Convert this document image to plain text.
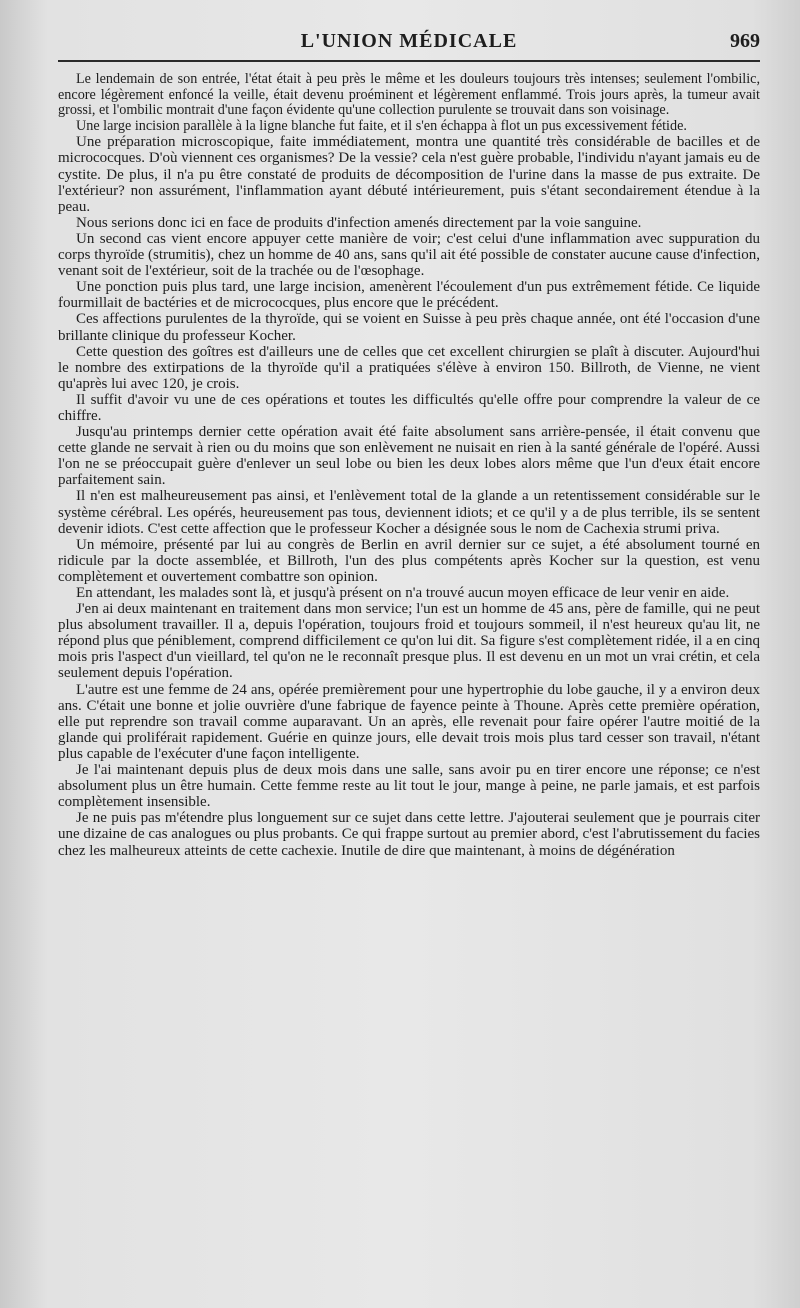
L'UNION MÉDICALE	969

Le lendemain de son entrée, l'état était à peu près le même et les douleurs toujours très intenses; seulement l'ombilic, encore légèrement enfoncé la veille, était devenu proéminent et légèrement enflammé. Trois jours après, la tumeur avait grossi, et l'ombilic montrait d'une façon évidente qu'une collection purulente se trouvait dans son voisinage.

Une large incision parallèle à la ligne blanche fut faite, et il s'en échappa à flot un pus excessivement fétide.

Une préparation microscopique, faite immédiatement, montra une quantité très considérable de bacilles et de micrococques. D'où viennent ces organismes? De la vessie? cela n'est guère probable, l'individu n'ayant jamais eu de cystite. De plus, il n'a pu être constaté de produits de décomposition de l'urine dans la masse de pus extraite. De l'extérieur? non assurément, l'inflammation ayant débuté intérieurement, puis s'étant secondairement étendue à la peau.

Nous serions donc ici en face de produits d'infection amenés directement par la voie sanguine.

Un second cas vient encore appuyer cette manière de voir; c'est celui d'une inflammation avec suppuration du corps thyroïde (strumitis), chez un homme de 40 ans, sans qu'il ait été possible de constater aucune cause d'infection, venant soit de l'extérieur, soit de la trachée ou de l'œsophage.

Une ponction puis plus tard, une large incision, amenèrent l'écoulement d'un pus extrêmement fétide. Ce liquide fourmillait de bactéries et de micrococques, plus encore que le précédent.

Ces affections purulentes de la thyroïde, qui se voient en Suisse à peu près chaque année, ont été l'occasion d'une brillante clinique du professeur Kocher.

Cette question des goîtres est d'ailleurs une de celles que cet excellent chirurgien se plaît à discuter. Aujourd'hui le nombre des extirpations de la thyroïde qu'il a pratiquées s'élève à environ 150. Billroth, de Vienne, ne vient qu'après lui avec 120, je crois.

Il suffit d'avoir vu une de ces opérations et toutes les difficultés qu'elle offre pour comprendre la valeur de ce chiffre.

Jusqu'au printemps dernier cette opération avait été faite absolument sans arrière-pensée, il était convenu que cette glande ne servait à rien ou du moins que son enlèvement ne nuisait en rien à la santé générale de l'opéré. Aussi l'on ne se préoccupait guère d'enlever un seul lobe ou bien les deux lobes alors même que l'un d'eux était encore parfaitement sain.

Il n'en est malheureusement pas ainsi, et l'enlèvement total de la glande a un retentissement considérable sur le système cérébral. Les opérés, heureusement pas tous, deviennent idiots; et ce qu'il y a de plus terrible, ils se sentent devenir idiots. C'est cette affection que le professeur Kocher a désignée sous le nom de Cachexia strumi priva.

Un mémoire, présenté par lui au congrès de Berlin en avril dernier sur ce sujet, a été absolument tourné en ridicule par la docte assemblée, et Billroth, l'un des plus compétents après Kocher sur la question, est venu complètement et ouvertement combattre son opinion.

En attendant, les malades sont là, et jusqu'à présent on n'a trouvé aucun moyen efficace de leur venir en aide.

J'en ai deux maintenant en traitement dans mon service; l'un est un homme de 45 ans, père de famille, qui ne peut plus absolument travailler. Il a, depuis l'opération, toujours froid et toujours sommeil, il n'est heureux qu'au lit, ne répond plus que péniblement, comprend difficilement ce qu'on lui dit. Sa figure s'est complètement ridée, il a en cinq mois pris l'aspect d'un vieillard, tel qu'on ne le reconnaît presque plus. Il est devenu en un mot un vrai crétin, et cela seulement depuis l'opération.

L'autre est une femme de 24 ans, opérée premièrement pour une hypertrophie du lobe gauche, il y a environ deux ans. C'était une bonne et jolie ouvrière d'une fabrique de fayence peinte à Thoune. Après cette première opération, elle put reprendre son travail comme auparavant. Un an après, elle revenait pour faire opérer l'autre moitié de la glande qui proliférait rapidement. Guérie en quinze jours, elle devait trois mois plus tard cesser son travail, n'étant plus capable de l'exécuter d'une façon intelligente.

Je l'ai maintenant depuis plus de deux mois dans une salle, sans avoir pu en tirer encore une réponse; ce n'est absolument plus un être humain. Cette femme reste au lit tout le jour, mange à peine, ne parle jamais, et est parfois complètement insensible.

Je ne puis pas m'étendre plus longuement sur ce sujet dans cette lettre. J'ajouterai seulement que je pourrais citer une dizaine de cas analogues ou plus probants. Ce qui frappe surtout au premier abord, c'est l'abrutissement du facies chez les malheureux atteints de cette cachexie. Inutile de dire que maintenant, à moins de dégénération
